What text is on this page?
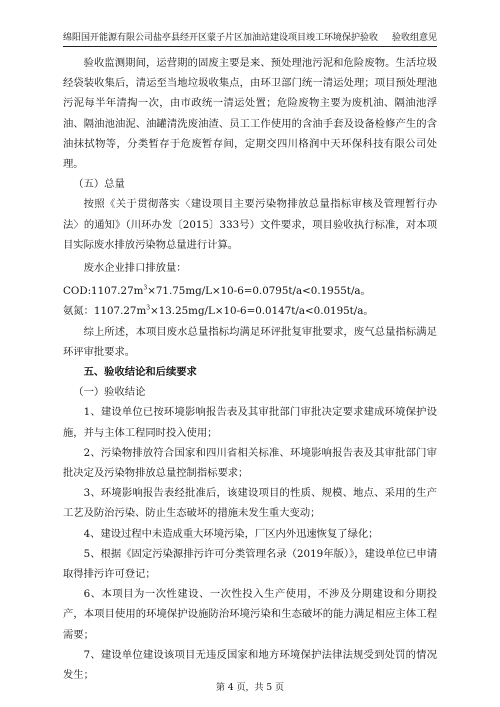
绵阳国开能源有限公司盐亭县经开区蒙子片区加油站建设项目竣工环境保护验收 验收组意见

验收监测期间，运营期的固废主要是来、预处理池污泥和危险废物。生活垃圾经袋装收集后，清运至当地垃圾收集点，由环卫部门统一清运处理；项目预处理池污泥每半年清掏一次，由市政统一清运处置；危险废物主要为废机油、隔油池浮油、隔油池油泥、油罐清洗废油渣、员工工作使用的含油手套及设备检修产生的含油抹拭物等，分类暂存于危废暂存间，定期交四川格润中天环保科技有限公司处理。

（五）总量

按照《关于贯彻落实〈建设项目主要污染物排放总量指标审核及管理暂行办法〉的通知》（川环办发〔2015〕333号）文件要求，项目验收执行标准，对本项目实际废水排放污染物总量进行计算。

废水企业排口排放量：

$COD:1107.27m^3\times 71.75mg/L\times 10-6=0.0795t/a<0.1955t/a$。

氨氮：$1107.27m^3\times 13.25mg/L\times 10-6=0.0147t/a<0.0195t/a$。

综上所述，本项目废水总量指标均满足环评批复审批要求，废气总量指标满足环评审批要求。

五、验收结论和后续要求

（一）验收结论

1、建设单位已按环境影响报告表及其审批部门审批决定要求建成环境保护设施，并与主体工程同时投入使用；

2、污染物排放符合国家和四川省相关标准、环境影响报告表及其审批部门审批决定及污染物排放总量控制指标要求；

3、环境影响报告表经批准后，该建设项目的性质、规模、地点、采用的生产工艺及防治污染、防止生态破坏的措施未发生重大变动；

4、建设过程中未造成重大环境污染，厂区内外迅速恢复了绿化；

5、根据《固定污染源排污许可分类管理名录（2019年版）》，建设单位已申请取得排污许可登记；

6、本项目为一次性建设、一次性投入生产使用，不涉及分期建设和分期投产，本项目使用的环境保护设施防治环境污染和生态破坏的能力满足相应主体工程需要；

7、建设单位建设该项目无违反国家和地方环境保护法律法规受到处罚的情况发生；

第 4 页，共 5 页
